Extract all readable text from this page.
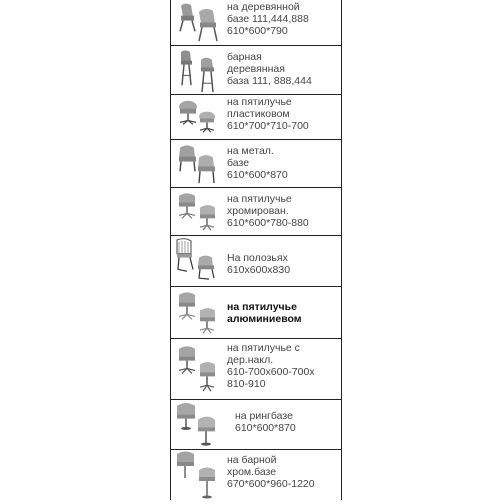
на деревянной
базе 111,444,888
610*600*790
барная
деревянная
база 111, 888,444
на пятилучье
пластиковом
610*700*710-700
на метал.
базе
610*600*870
на пятилучье
хромирован.
610*600*780-880
На полозьях
610х600х830
на пятилучье
алюминиевом
на пятилучье с
дер.накл.
610-700х600-700х
810-910
на рингбазе
610*600*870
на барной
хром.базе
670*600*960-1220
